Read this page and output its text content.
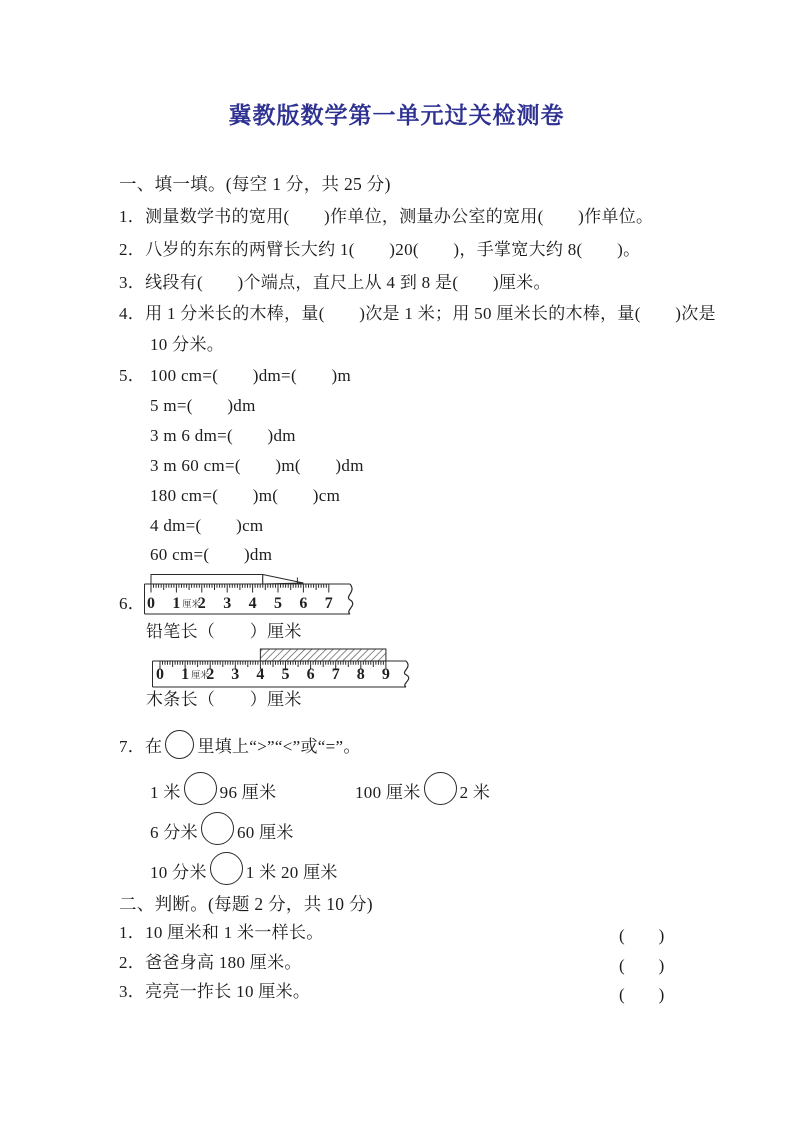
冀教版数学第一单元过关检测卷
一、填一填。(每空 1 分，共 25 分)
1．测量数学书的宽用(　　)作单位，测量办公室的宽用(　　)作单位。
2．八岁的东东的两臂长大约 1(　　)20(　　)，手掌宽大约 8(　　)。
3．线段有(　　)个端点，直尺上从 4 到 8 是(　　)厘米。
4．用 1 分米长的木棒，量(　　)次是 1 米；用 50 厘米长的木棒，量(　　)次是
10 分米。
5． 100 cm=(　　)dm=(　　)m
5 m=(　　)dm
3 m 6 dm=(　　)dm
3 m 60 cm=(　　)m(　　)dm
180 cm=(　　)m(　　)cm
4 dm=(　　)cm
60 cm=(　　)dm
6． 0 1 2 3 4 5 6 7
厘米
铅笔长（　　）厘米
0 1 2 3 4 5 6 7 8 9
厘米
木条长（　　）厘米
7．在 里填上“>”“<”或“=”。
1 米 96 厘米	100 厘米 2 米
6 分米 60 厘米
10 分米 1 米 20 厘米
二、判断。(每题 2 分，共 10 分)
1．10 厘米和 1 米一样长。	(　　)
2．爸爸身高 180 厘米。	(　　)
3．亮亮一拃长 10 厘米。	(　　)
